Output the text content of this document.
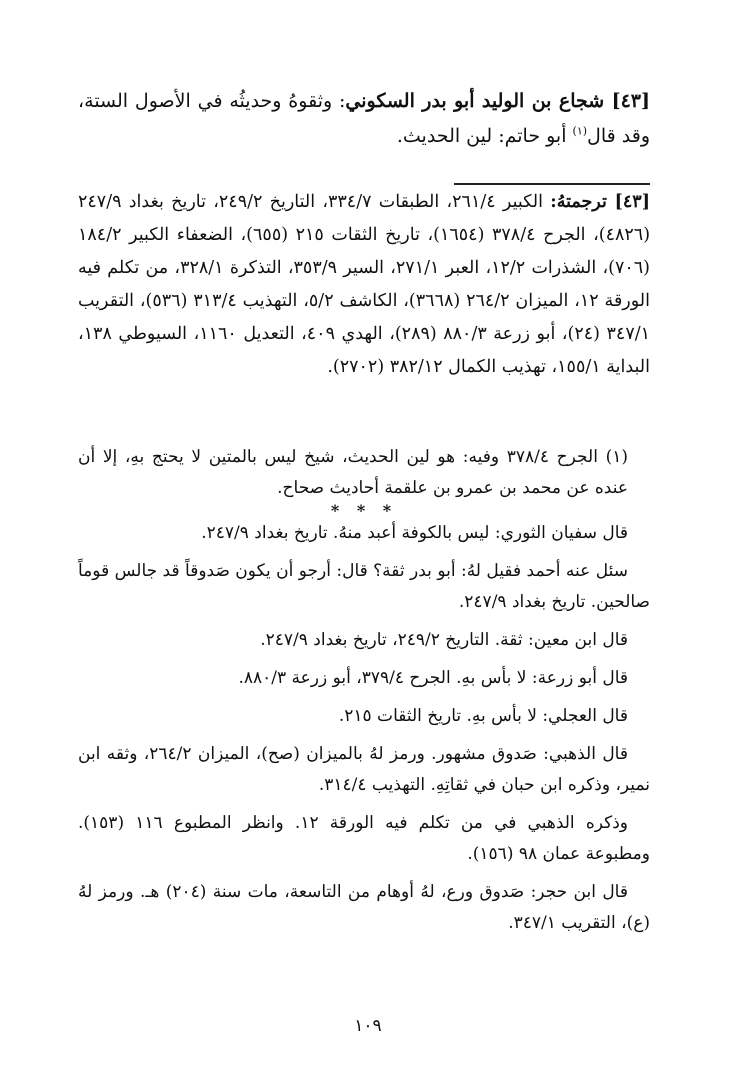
[٤٣] شجاع بن الوليد أبو بدر السكوني: وثقوهُ وحديثُه في الأصول الستة، وقد قال$^{(١)}$ أبو حاتم: لين الحديث.

[٤٣] ترجمتهُ: الكبير ٢٦١/٤، الطبقات ٣٣٤/٧، التاريخ ٢٤٩/٢، تاريخ بغداد ٢٤٧/٩ (٤٨٢٦)، الجرح ٣٧٨/٤ (١٦٥٤)، تاريخ الثقات ٢١٥ (٦٥٥)، الضعفاء الكبير ١٨٤/٢ (٧٠٦)، الشذرات ١٢/٢، العبر ٢٧١/١، السير ٣٥٣/٩، التذكرة ٣٢٨/١، من تكلم فيه الورقة ١٢، الميزان ٢٦٤/٢ (٣٦٦٨)، الكاشف ٥/٢، التهذيب ٣١٣/٤ (٥٣٦)، التقريب ٣٤٧/١ (٢٤)، أبو زرعة ٨٨٠/٣ (٢٨٩)، الهدي ٤٠٩، التعديل ١١٦٠، السيوطي ١٣٨، البداية ١٥٥/١، تهذيب الكمال ٣٨٢/١٢ (٢٧٠٢).

(١) الجرح ٣٧٨/٤ وفيه: هو لين الحديث، شيخ ليس بالمتين لا يحتج بهِ، إلا أن عنده عن محمد بن عمرو بن علقمة أحاديث صحاح.

* * *

قال سفيان الثوري: ليس بالكوفة أعبد منهُ. تاريخ بغداد ٢٤٧/٩.

سئل عنه أحمد فقيل لهُ: أبو بدر ثقة؟ قال: أرجو أن يكون صَدوقاً قد جالس قوماً صالحين. تاريخ بغداد ٢٤٧/٩.

قال ابن معين: ثقة. التاريخ ٢٤٩/٢، تاريخ بغداد ٢٤٧/٩.

قال أبو زرعة: لا بأس بهِ. الجرح ٣٧٩/٤، أبو زرعة ٨٨٠/٣.

قال العجلي: لا بأس بهِ. تاريخ الثقات ٢١٥.

قال الذهبي: صَدوق مشهور. ورمز لهُ بالميزان (صح)، الميزان ٢٦٤/٢، وثقه ابن نمير، وذكره ابن حبان في ثقاتِهِ. التهذيب ٣١٤/٤.

وذكره الذهبي في من تكلم فيه الورقة ١٢. وانظر المطبوع ١١٦ (١٥٣). ومطبوعة عمان ٩٨ (١٥٦).

قال ابن حجر: صَدوق ورع، لهُ أوهام من التاسعة، مات سنة (٢٠٤) هـ. ورمز لهُ (ع)، التقريب ٣٤٧/١.

١٠٩
